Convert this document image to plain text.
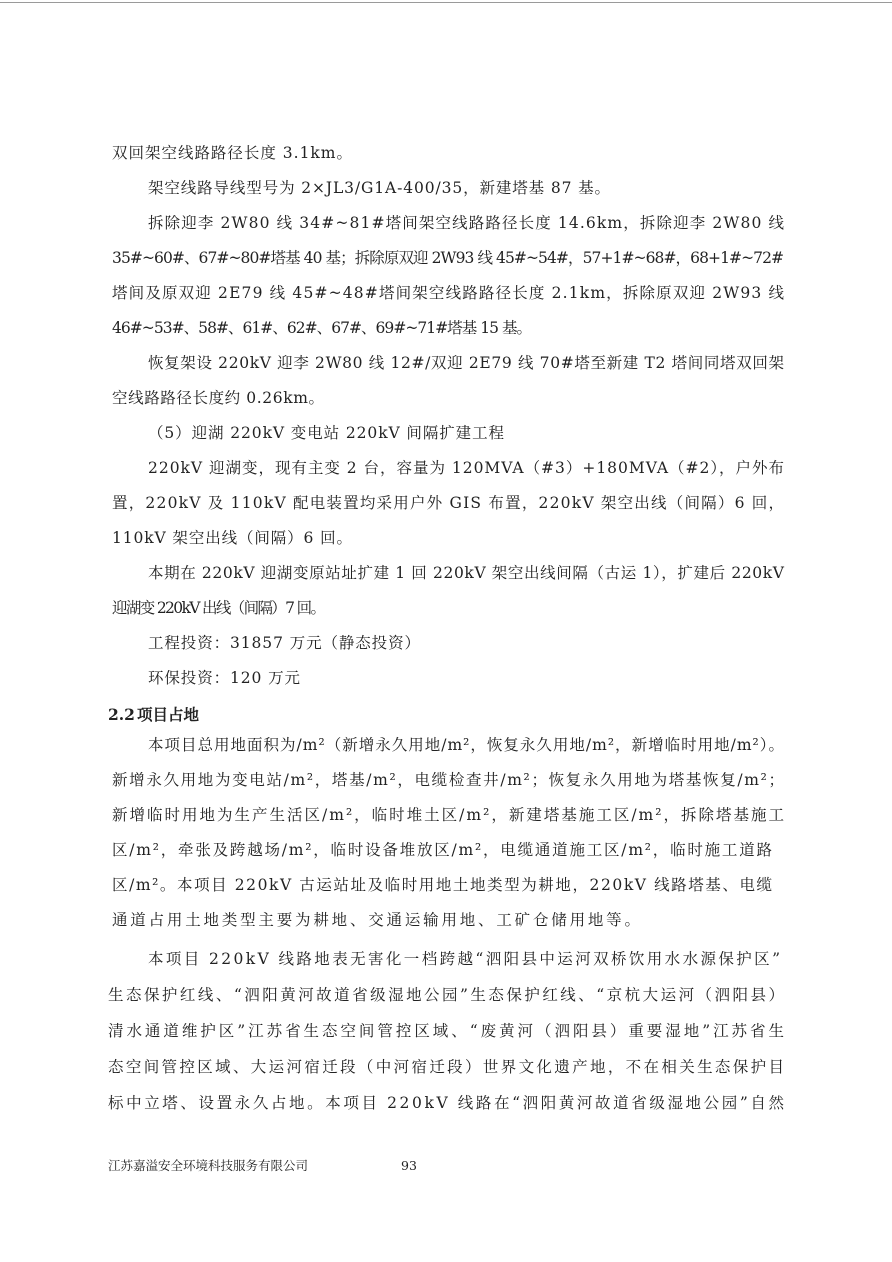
双回架空线路路径长度 3.1km。
架空线路导线型号为 2×JL3/G1A-400/35，新建塔基 87 基。
拆除迎李 2W80 线 34#~81#塔间架空线路路径长度 14.6km，拆除迎李 2W80 线
35#~60#、67#~80#塔基 40 基；拆除原双迎 2W93 线 45#~54#，57+1#~68#，68+1#~72#
塔间及原双迎 2E79 线 45#~48#塔间架空线路路径长度 2.1km，拆除原双迎 2W93 线
46#~53#、58#、61#、62#、67#、69#~71#塔基 15 基。
恢复架设 220kV 迎李 2W80 线 12#/双迎 2E79 线 70#塔至新建 T2 塔间同塔双回架
空线路路径长度约 0.26km。
（5）迎湖 220kV 变电站 220kV 间隔扩建工程
220kV 迎湖变，现有主变 2 台，容量为 120MVA（#3）+180MVA（#2），户外布
置，220kV 及 110kV 配电装置均采用户外 GIS 布置，220kV 架空出线（间隔）6 回，
110kV 架空出线（间隔）6 回。
本期在 220kV 迎湖变原站址扩建 1 回 220kV 架空出线间隔（古运 1），扩建后 220kV
迎湖变 220kV 出线（间隔）7 回。
工程投资：31857 万元（静态投资）
环保投资：120 万元
2.2 项目占地
本项目总用地面积为/m²（新增永久用地/m²，恢复永久用地/m²，新增临时用地/m²）。
新增永久用地为变电站/m²，塔基/m²，电缆检查井/m²；恢复永久用地为塔基恢复/m²；
新增临时用地为生产生活区/m²，临时堆土区/m²，新建塔基施工区/m²，拆除塔基施工
区/m²，牵张及跨越场/m²，临时设备堆放区/m²，电缆通道施工区/m²，临时施工道路
区/m²。本项目 220kV 古运站址及临时用地土地类型为耕地，220kV 线路塔基、电缆
通道占用土地类型主要为耕地、交通运输用地、工矿仓储用地等。
本项目 220kV 线路地表无害化一档跨越“泗阳县中运河双桥饮用水水源保护区”
生态保护红线、“泗阳黄河故道省级湿地公园”生态保护红线、“京杭大运河（泗阳县）
清水通道维护区”江苏省生态空间管控区域、“废黄河（泗阳县）重要湿地”江苏省生
态空间管控区域、大运河宿迁段（中河宿迁段）世界文化遗产地，不在相关生态保护目
标中立塔、设置永久占地。本项目 220kV 线路在“泗阳黄河故道省级湿地公园”自然
江苏嘉溢安全环境科技服务有限公司	93
